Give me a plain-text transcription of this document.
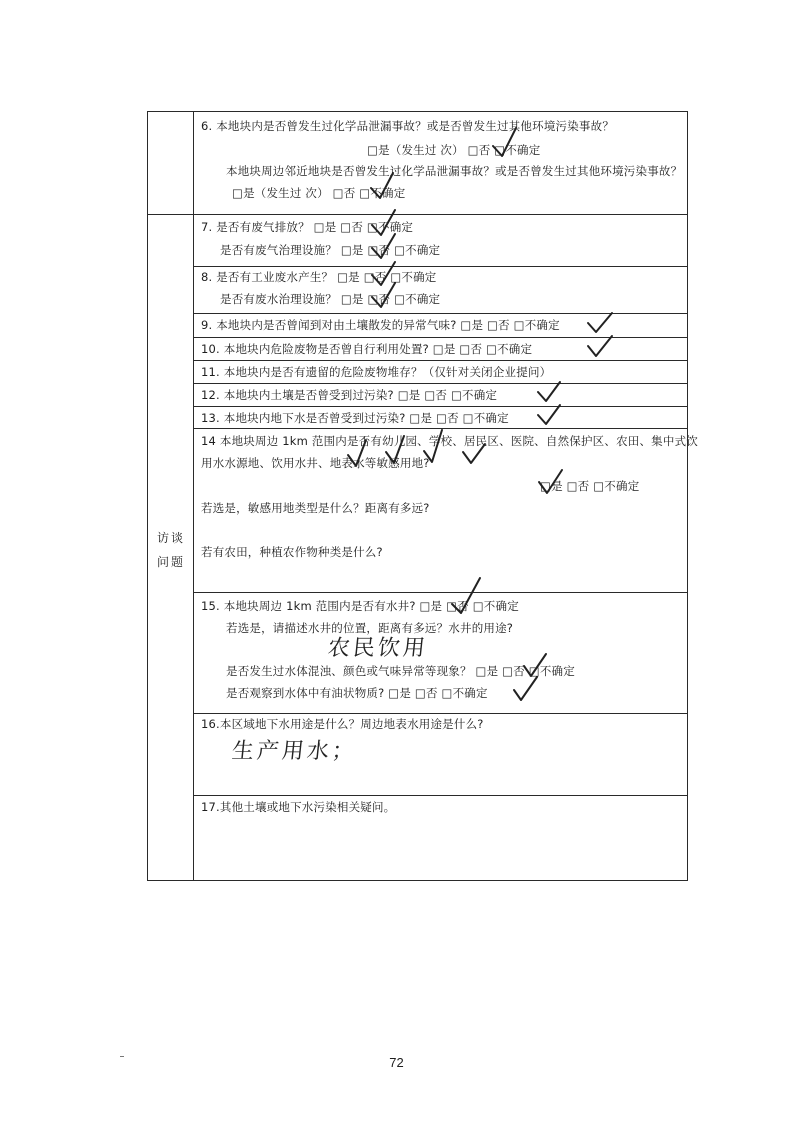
访谈
问题
6. 本地块内是否曾发生过化学品泄漏事故？或是否曾发生过其他环境污染事故？
□是（发生过 次） □否 □不确定
本地块周边邻近地块是否曾发生过化学品泄漏事故？或是否曾发生过其他环境污染事故？
□是（发生过 次） □否 □不确定
7. 是否有废气排放？ □是 □否 □不确定
是否有废气治理设施？ □是 □否 □不确定
8. 是否有工业废水产生？ □是 □否 □不确定
是否有废水治理设施？ □是 □否 □不确定
9. 本地块内是否曾闻到对由土壤散发的异常气味? □是 □否 □不确定
10. 本地块内危险废物是否曾自行利用处置? □是 □否 □不确定
11. 本地块内是否有遗留的危险废物堆存？（仅针对关闭企业提问）
12. 本地块内土壤是否曾受到过污染? □是 □否 □不确定
13. 本地块内地下水是否曾受到过污染? □是 □否 □不确定
14 本地块周边 1km 范围内是否有幼儿园、学校、居民区、医院、自然保护区、农田、集中式饮
用水水源地、饮用水井、地表水等敏感用地?
□是 □否 □不确定
若选是，敏感用地类型是什么？距离有多远?
若有农田，种植农作物种类是什么?
15. 本地块周边 1km 范围内是否有水井? □是 □否 □不确定
若选是，请描述水井的位置，距离有多远？水井的用途?
农民饮用
是否发生过水体混浊、颜色或气味异常等现象？ □是 □否 □不确定
是否观察到水体中有油状物质? □是 □否 □不确定
16.本区域地下水用途是什么？周边地表水用途是什么?
生产用水；
17.其他土壤或地下水污染相关疑问。
72
